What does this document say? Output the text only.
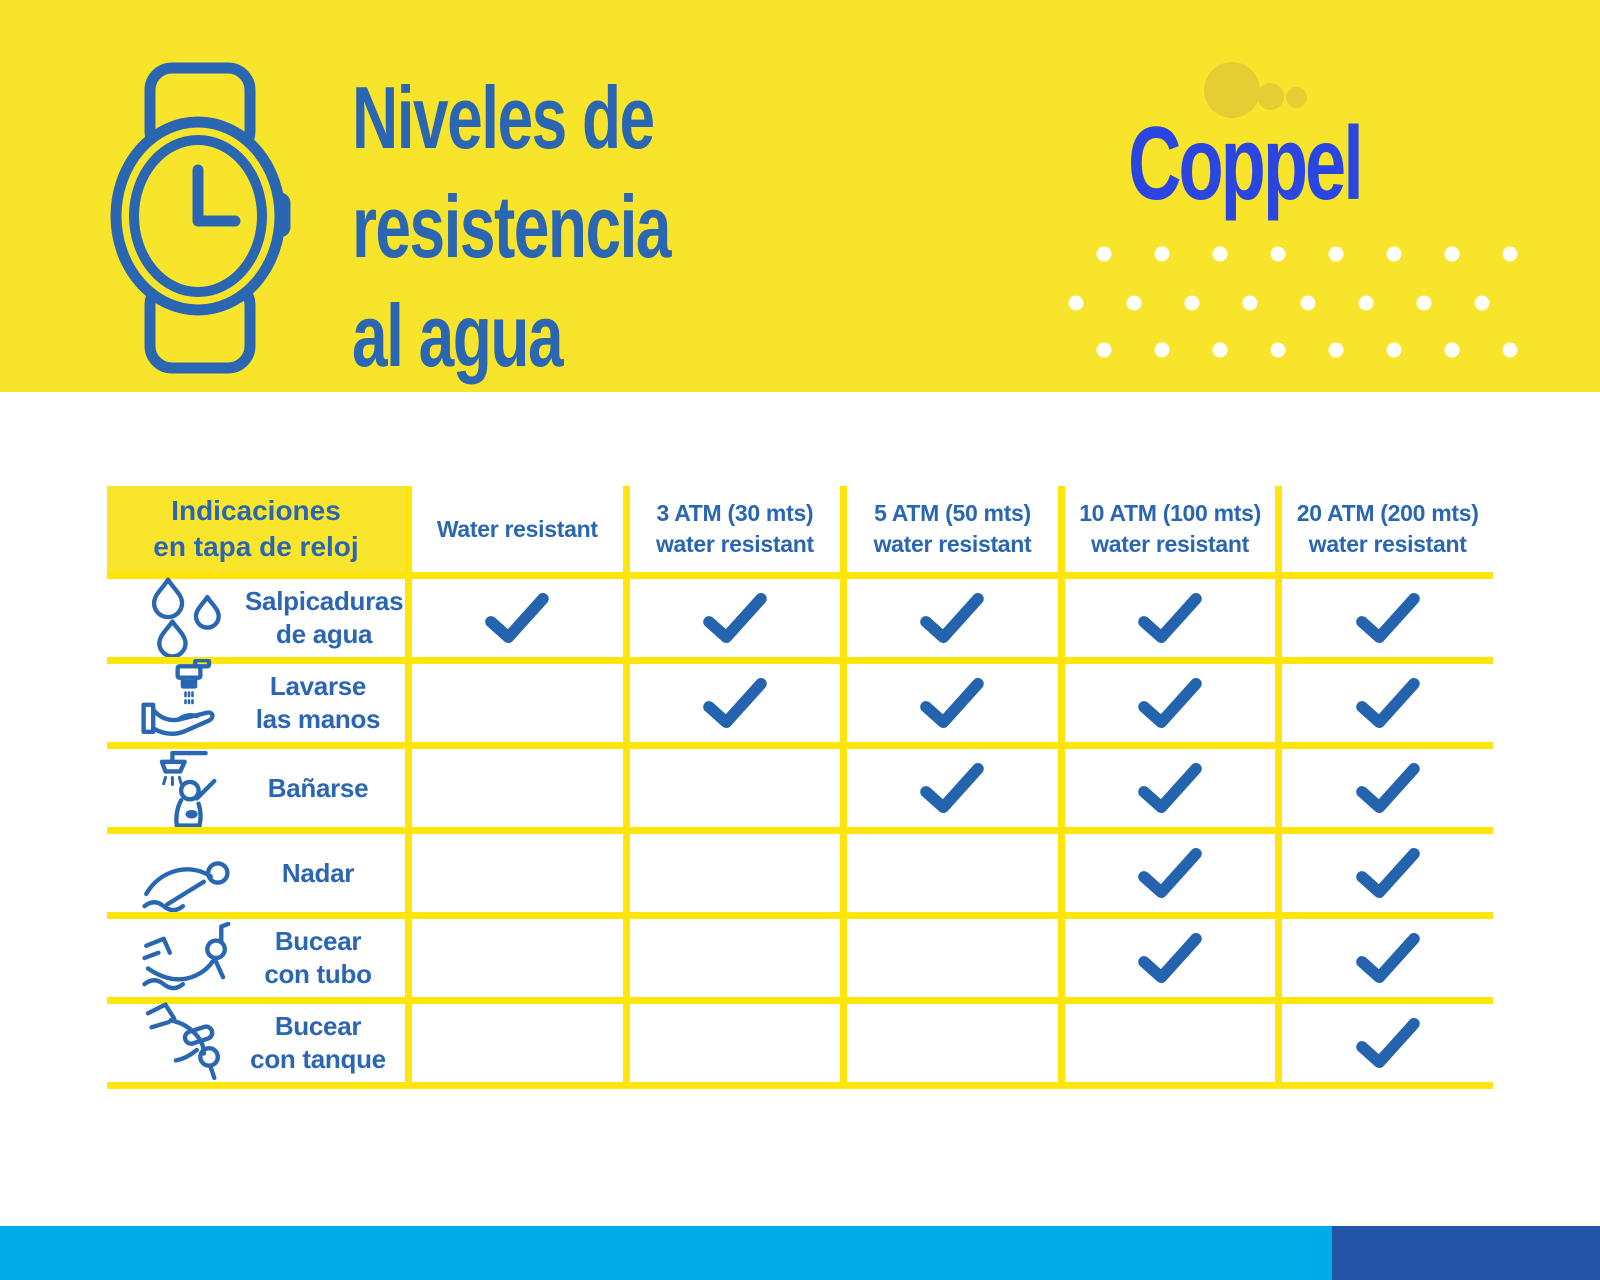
Niveles de
resistencia
al agua
Coppel
Indicaciones
en tapa de reloj
Water resistant
3 ATM (30 mts)
water resistant
5 ATM (50 mts)
water resistant
10 ATM (100 mts)
water resistant
20 ATM (200 mts)
water resistant
Salpicaduras
de agua
Lavarse
las manos
Bañarse
Nadar
Bucear
con tubo
Bucear
con tanque
